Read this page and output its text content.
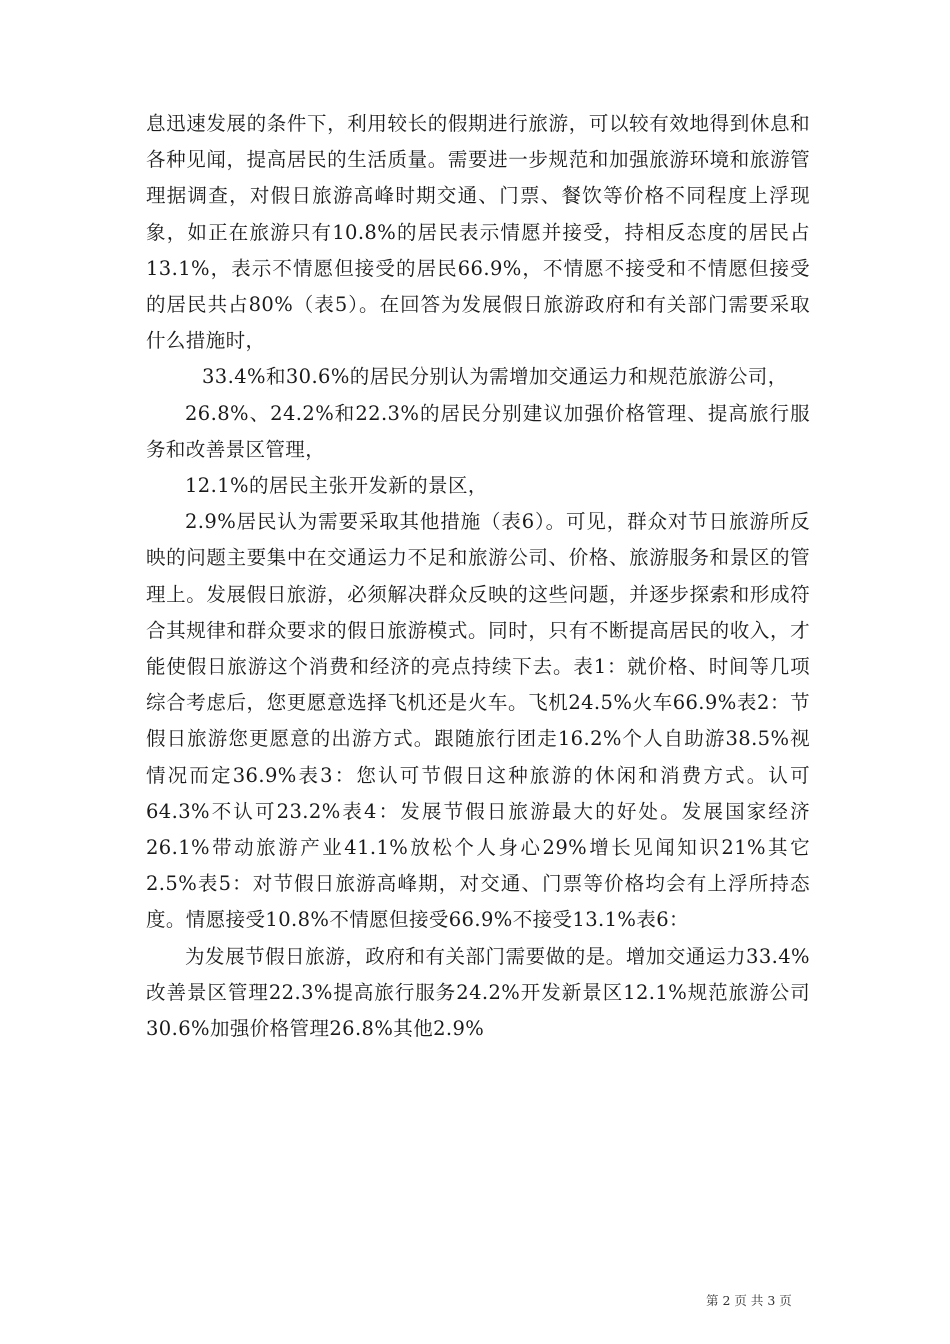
息迅速发展的条件下，利用较长的假期进行旅游，可以较有效地得到休息和各种见闻，提高居民的生活质量。需要进一步规范和加强旅游环境和旅游管理据调查，对假日旅游高峰时期交通、门票、餐饮等价格不同程度上浮现象，如正在旅游只有10.8%的居民表示情愿并接受，持相反态度的居民占13.1%，表示不情愿但接受的居民66.9%，不情愿不接受和不情愿但接受的居民共占80%（表5）。在回答为发展假日旅游政府和有关部门需要采取什么措施时，

33.4%和30.6%的居民分别认为需增加交通运力和规范旅游公司，

26.8%、24.2%和22.3%的居民分别建议加强价格管理、提高旅行服务和改善景区管理，

12.1%的居民主张开发新的景区，

2.9%居民认为需要采取其他措施（表6）。可见，群众对节日旅游所反映的问题主要集中在交通运力不足和旅游公司、价格、旅游服务和景区的管理上。发展假日旅游，必须解决群众反映的这些问题，并逐步探索和形成符合其规律和群众要求的假日旅游模式。同时，只有不断提高居民的收入，才能使假日旅游这个消费和经济的亮点持续下去。表1：就价格、时间等几项综合考虑后，您更愿意选择飞机还是火车。飞机24.5%火车66.9%表2：节假日旅游您更愿意的出游方式。跟随旅行团走16.2%个人自助游38.5%视情况而定36.9%表3：您认可节假日这种旅游的休闲和消费方式。认可64.3%不认可23.2%表4：发展节假日旅游最大的好处。发展国家经济26.1%带动旅游产业41.1%放松个人身心29%增长见闻知识21%其它2.5%表5：对节假日旅游高峰期，对交通、门票等价格均会有上浮所持态度。情愿接受10.8%不情愿但接受66.9%不接受13.1%表6：

为发展节假日旅游，政府和有关部门需要做的是。增加交通运力33.4%改善景区管理22.3%提高旅行服务24.2%开发新景区12.1%规范旅游公司30.6%加强价格管理26.8%其他2.9%

第 2 页 共 3 页
